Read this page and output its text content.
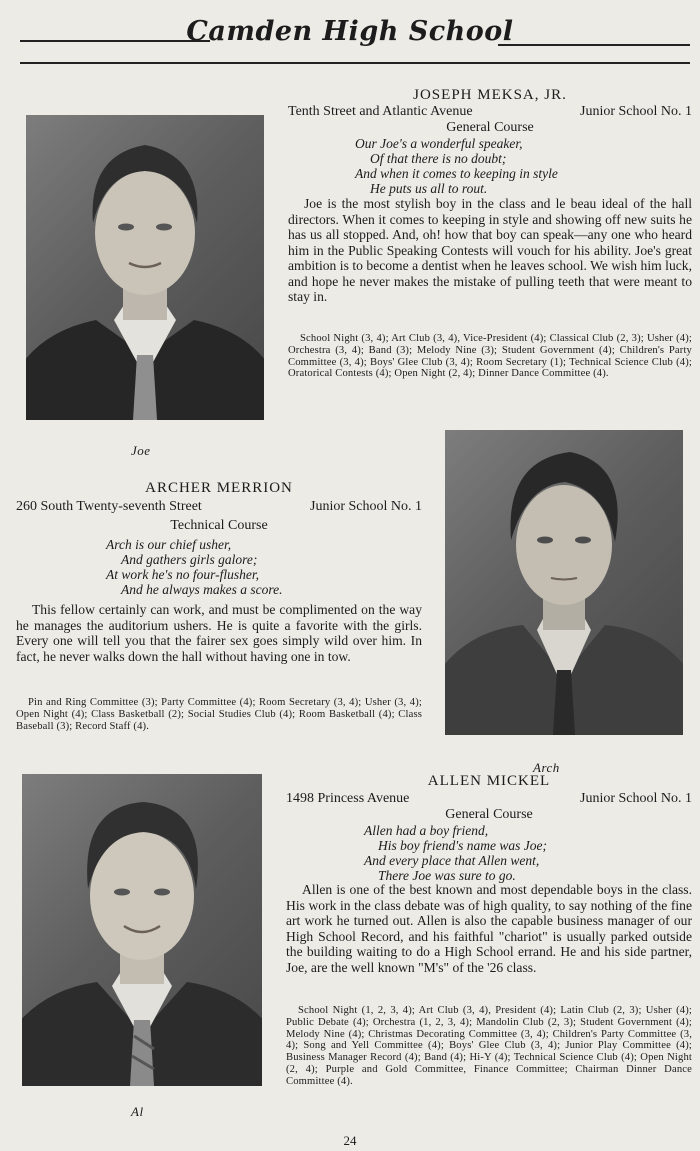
Camden High School
Joe
JOSEPH MEKSA, JR.
Tenth Street and Atlantic Avenue	Junior School No. 1
General Course
Our Joe's a wonderful speaker,
Of that there is no doubt;
And when it comes to keeping in style
He puts us all to rout.
Joe is the most stylish boy in the class and le beau ideal of the hall directors. When it comes to keeping in style and showing off new suits he has us all stopped. And, oh! how that boy can speak—any one who heard him in the Public Speaking Contests will vouch for his ability. Joe's great ambition is to become a dentist when he leaves school. We wish him luck, and hope he never makes the mistake of pulling teeth that were meant to stay in.
School Night (3, 4); Art Club (3, 4), Vice-President (4); Classical Club (2, 3); Usher (4); Orchestra (3, 4); Band (3); Melody Nine (3); Student Government (4); Children's Party Committee (3, 4); Boys' Glee Club (3, 4); Room Secretary (1); Technical Science Club (4); Oratorical Contests (4); Open Night (2, 4); Dinner Dance Committee (4).
Arch
ARCHER MERRION
260 South Twenty-seventh Street	Junior School No. 1
Technical Course
Arch is our chief usher,
And gathers girls galore;
At work he's no four-flusher,
And he always makes a score.
This fellow certainly can work, and must be complimented on the way he manages the auditorium ushers. He is quite a favorite with the girls. Every one will tell you that the fairer sex goes simply wild over him. In fact, he never walks down the hall without having one in tow.
Pin and Ring Committee (3); Party Committee (4); Room Secretary (3, 4); Usher (3, 4); Open Night (4); Class Basketball (2); Social Studies Club (4); Room Basketball (4); Class Baseball (3); Record Staff (4).
Al
ALLEN MICKEL
1498 Princess Avenue	Junior School No. 1
General Course
Allen had a boy friend,
His boy friend's name was Joe;
And every place that Allen went,
There Joe was sure to go.
Allen is one of the best known and most dependable boys in the class. His work in the class debate was of high quality, to say nothing of the fine art work he turned out. Allen is also the capable business manager of our High School Record, and his faithful "chariot" is usually parked outside the building waiting to do a High School errand. He and his side partner, Joe, are the well known "M's" of the '26 class.
School Night (1, 2, 3, 4); Art Club (3, 4), President (4); Latin Club (2, 3); Usher (4); Public Debate (4); Orchestra (1, 2, 3, 4); Mandolin Club (2, 3); Student Government (4); Melody Nine (4); Christmas Decorating Committee (3, 4); Children's Party Committee (3, 4); Song and Yell Committee (4); Boys' Glee Club (3, 4); Junior Play Committee (4); Business Manager Record (4); Band (4); Hi-Y (4); Technical Science Club (4); Open Night (2, 4); Purple and Gold Committee, Finance Committee; Chairman Dinner Dance Committee (4).
24
